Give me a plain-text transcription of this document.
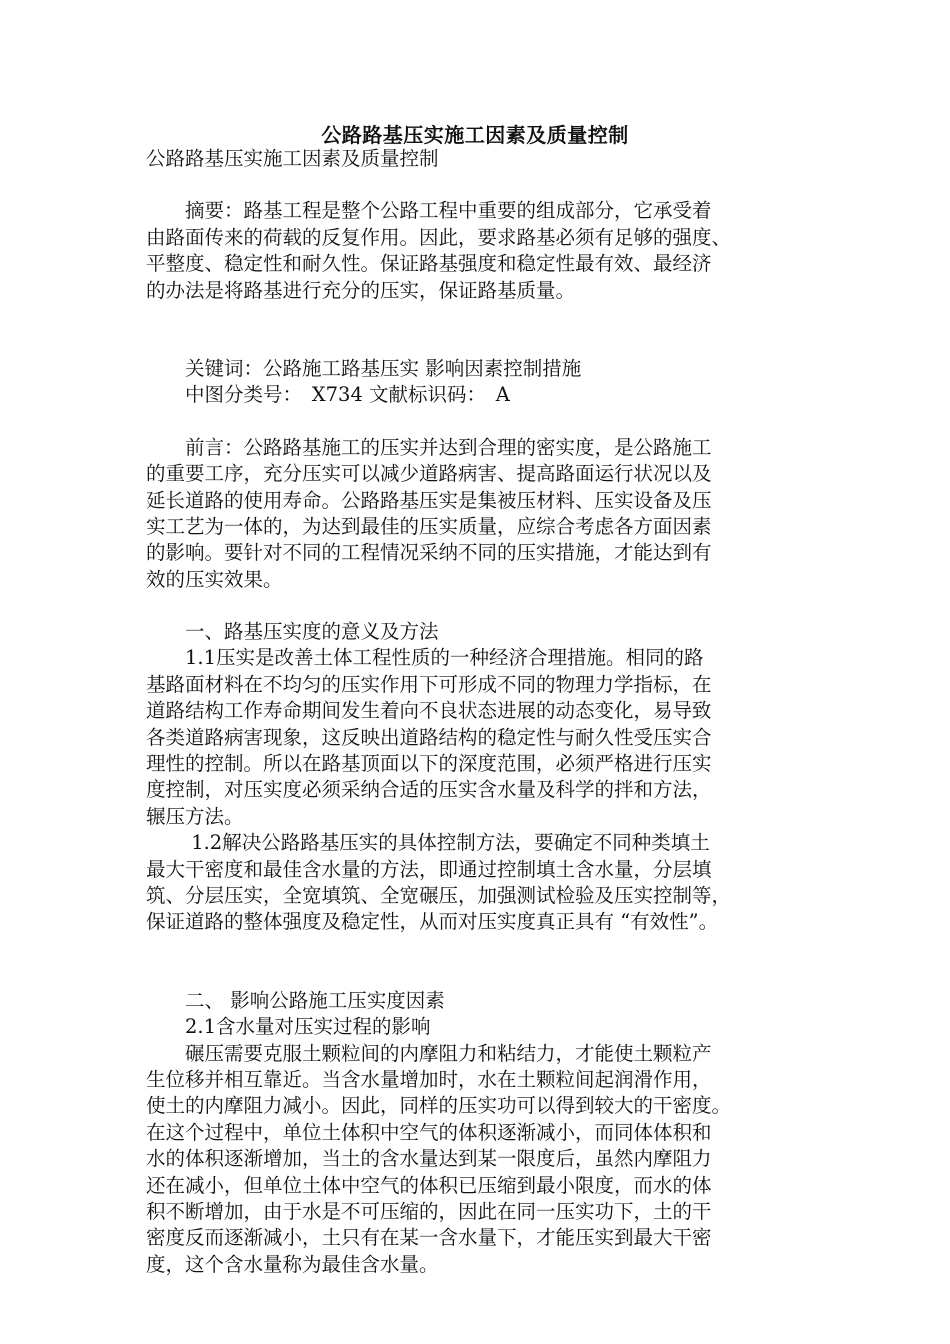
公路路基压实施工因素及质量控制
公路路基压实施工因素及质量控制
　　摘要：路基工程是整个公路工程中重要的组成部分，它承受着
由路面传来的荷载的反复作用。因此，要求路基必须有足够的强度、
平整度、稳定性和耐久性。保证路基强度和稳定性最有效、最经济
的办法是将路基进行充分的压实，保证路基质量。
　　关键词：公路施工路基压实 影响因素控制措施
　　中图分类号：　X734 文献标识码：　A
　　前言：公路路基施工的压实并达到合理的密实度，是公路施工
的重要工序，充分压实可以减少道路病害、提高路面运行状况以及
延长道路的使用寿命。公路路基压实是集被压材料、压实设备及压
实工艺为一体的，为达到最佳的压实质量，应综合考虑各方面因素
的影响。要针对不同的工程情况采纳不同的压实措施，才能达到有
效的压实效果。
　　一、路基压实度的意义及方法
　　1.1压实是改善土体工程性质的一种经济合理措施。相同的路
基路面材料在不均匀的压实作用下可形成不同的物理力学指标，在
道路结构工作寿命期间发生着向不良状态进展的动态变化，易导致
各类道路病害现象，这反映出道路结构的稳定性与耐久性受压实合
理性的控制。所以在路基顶面以下的深度范围，必须严格进行压实
度控制，对压实度必须采纳合适的压实含水量及科学的拌和方法，
辗压方法。
　　 1.2解决公路路基压实的具体控制方法，要确定不同种类填土
最大干密度和最佳含水量的方法，即通过控制填土含水量，分层填
筑、分层压实，全宽填筑、全宽碾压，加强测试检验及压实控制等，
保证道路的整体强度及稳定性，从而对压实度真正具有 “有效性”。
　　二、 影响公路施工压实度因素
　　2.1含水量对压实过程的影响
　　碾压需要克服土颗粒间的内摩阻力和粘结力，才能使土颗粒产
生位移并相互靠近。当含水量增加时，水在土颗粒间起润滑作用，
使土的内摩阻力减小。因此，同样的压实功可以得到较大的干密度。
在这个过程中，单位土体积中空气的体积逐渐减小，而同体体积和
水的体积逐渐增加，当土的含水量达到某一限度后，虽然内摩阻力
还在减小，但单位土体中空气的体积已压缩到最小限度，而水的体
积不断增加，由于水是不可压缩的，因此在同一压实功下，土的干
密度反而逐渐减小，土只有在某一含水量下，才能压实到最大干密
度，这个含水量称为最佳含水量。
